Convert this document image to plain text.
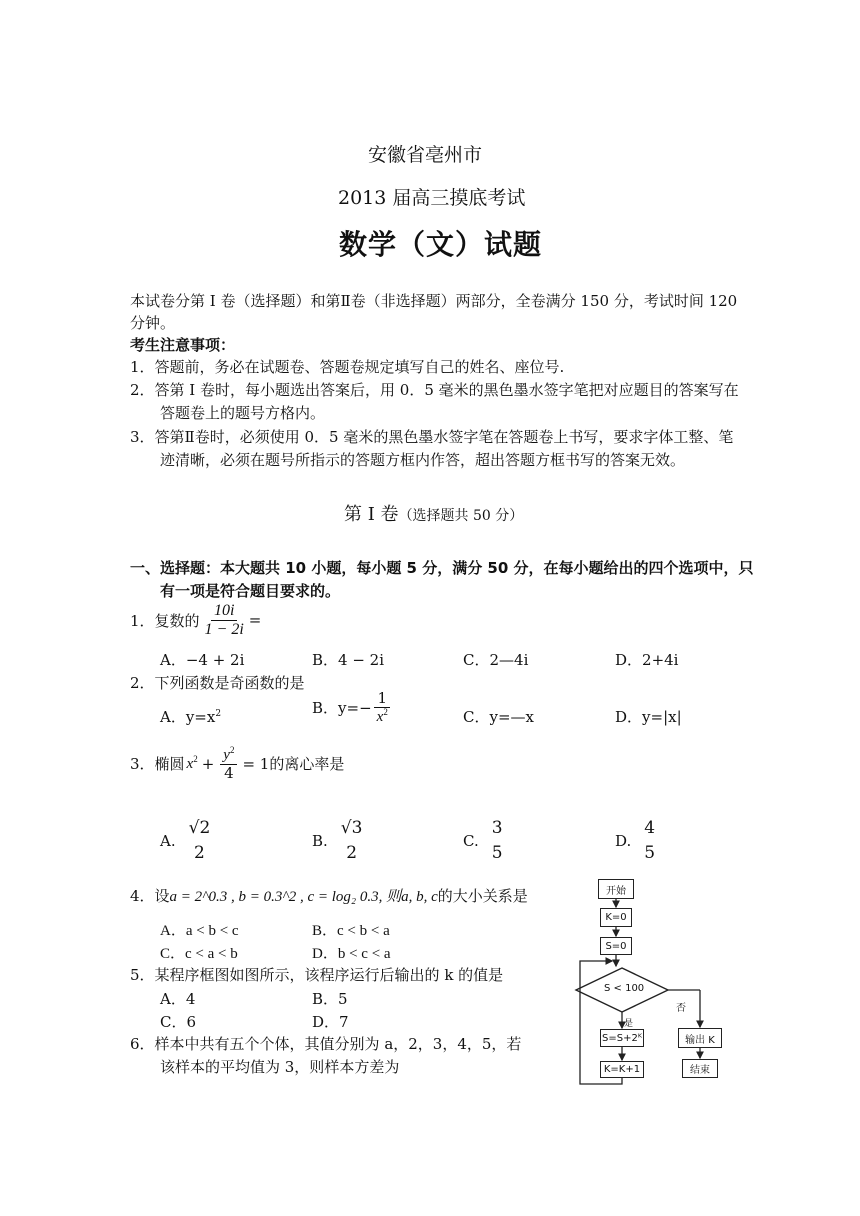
安徽省亳州市
2013 届高三摸底考试
数学（文）试题
本试卷分第 I 卷（选择题）和第Ⅱ卷（非选择题）两部分，全卷满分 150 分，考试时间 120
分钟。
考生注意事项：
1．答题前，务必在试题卷、答题卷规定填写自己的姓名、座位号.
2．答第 I 卷时，每小题选出答案后，用 0．5 毫米的黑色墨水签字笔把对应题目的答案写在
答题卷上的题号方格内。
3．答第Ⅱ卷时，必须使用 0．5 毫米的黑色墨水签字笔在答题卷上书写，要求字体工整、笔
迹清晰，必须在题号所指示的答题方框内作答，超出答题方框书写的答案无效。
第 Ⅰ 卷（选择题共 50 分）
一、选择题：本大题共 10 小题，每小题 5 分，满分 50 分，在每小题给出的四个选项中，只
有一项是符合题目要求的。
1．复数的 $\frac{10i}{1 - 2i}$ =
A．−4 + 2i	B．4 − 2i	C．2—4i	D．2+4i
2．下列函数是奇函数的是
A．$y=x^2$	B．$y=- \frac{1}{x^2}$	C．y=—x	D．y=|x|
3．椭圆 $x^2 + \frac{y^2}{4} = 1$ 的离心率是
A.
√2
2
B.
√3
2
C.
3
5
D.
4
5
4．设a = 2^0.3 , b = 0.3^2 , c = log₂ 0.3, 则a, b, c的大小关系是
A．a < b < c	B．c < b < a
C．c < a < b	D．b < c < a
5．某程序框图如图所示，该程序运行后输出的 k 的值是
A．4	B．5
C．6	D．7
6．样本中共有五个个体，其值分别为 a，2，3，4，5，若
该样本的平均值为 3，则样本方差为
开始
K=0
S=0
S < 100
否
是
S=S+2ᴷ	输出 K
K=K+1	结束
